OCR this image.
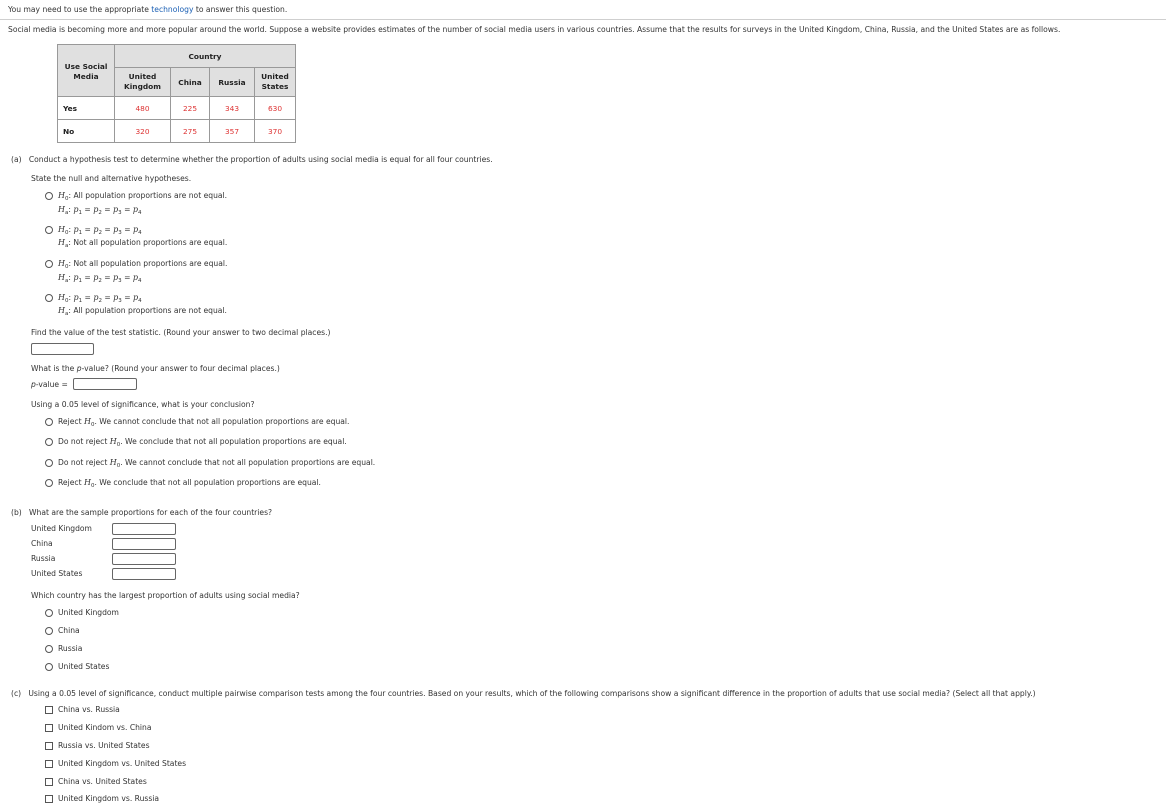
You may need to use the appropriate technology to answer this question.
Social media is becoming more and more popular around the world. Suppose a website provides estimates of the number of social media users in various countries. Assume that the results for surveys in the United Kingdom, China, Russia, and the United States are as follows.
Use Social
Media	Country			
	United
Kingdom	China	Russia	United
States
Yes	480	225	343	630
No	320	275	357	370
(a) Conduct a hypothesis test to determine whether the proportion of adults using social media is equal for all four countries.
State the null and alternative hypotheses.
$H_0$: All population proportions are not equal.
$H_a$: $p_1 = p_2 = p_3 = p_4$
$H_0$: $p_1 = p_2 = p_3 = p_4$
$H_a$: Not all population proportions are equal.
$H_0$: Not all population proportions are equal.
$H_a$: $p_1 = p_2 = p_3 = p_4$
$H_0$: $p_1 = p_2 = p_3 = p_4$
$H_a$: All population proportions are not equal.
Find the value of the test statistic. (Round your answer to two decimal places.)
What is the p-value? (Round your answer to four decimal places.)
p-value =
Using a 0.05 level of significance, what is your conclusion?
Reject $H_0$. We cannot conclude that not all population proportions are equal.
Do not reject $H_0$. We conclude that not all population proportions are equal.
Do not reject $H_0$. We cannot conclude that not all population proportions are equal.
Reject $H_0$. We conclude that not all population proportions are equal.
(b) What are the sample proportions for each of the four countries?
United Kingdom
China
Russia
United States
Which country has the largest proportion of adults using social media?
United Kingdom
China
Russia
United States
(c) Using a 0.05 level of significance, conduct multiple pairwise comparison tests among the four countries. Based on your results, which of the following comparisons show a significant difference in the proportion of adults that use social media? (Select all that apply.)
China vs. Russia
United Kindom vs. China
Russia vs. United States
United Kingdom vs. United States
China vs. United States
United Kingdom vs. Russia
